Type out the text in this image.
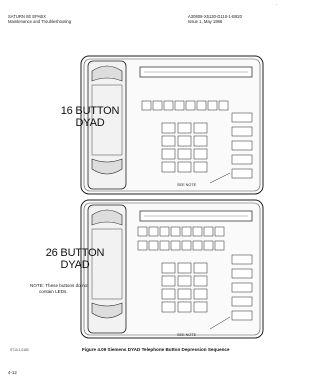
SATURN IIE EPABX
Maintenance and Troubleshooting
A30808-X5130-D110-1-B920
Issue 1, May 1986
16 BUTTON
DYAD
SEE NOTE
26 BUTTON
DYAD
NOTE: These buttons do not
contain LEDs.
SEE NOTE
ST10-1-0180	Figure 4.09 Siemens DYAD Telephone Button Depression Sequence
4-12
ʻ
